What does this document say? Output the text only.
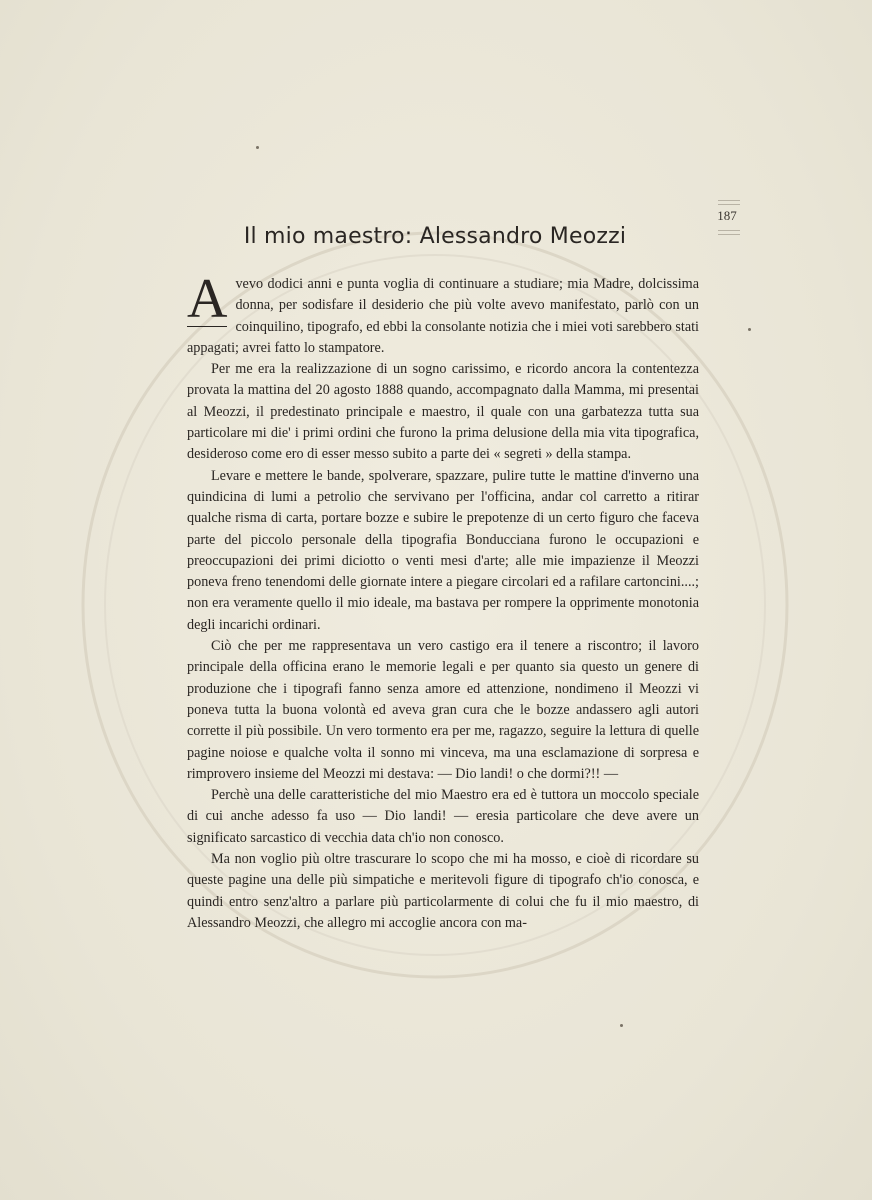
187
Il mio maestro: Alessandro Meozzi

A vevo dodici anni e punta voglia di continuare a studiare; mia Madre, dolcissima donna, per sodisfare il desiderio che più volte avevo manifestato, parlò con un coinquilino, tipografo, ed ebbi la consolante notizia che i miei voti sarebbero stati appagati; avrei fatto lo stampatore.

Per me era la realizzazione di un sogno carissimo, e ricordo ancora la contentezza provata la mattina del 20 agosto 1888 quando, accompagnato dalla Mamma, mi presentai al Meozzi, il predestinato principale e maestro, il quale con una garbatezza tutta sua particolare mi die' i primi ordini che furono la prima delusione della mia vita tipografica, desideroso come ero di esser messo subito a parte dei « segreti » della stampa.

Levare e mettere le bande, spolverare, spazzare, pulire tutte le mattine d'inverno una quindicina di lumi a petrolio che servivano per l'officina, andar col carretto a ritirar qualche risma di carta, portare bozze e subire le prepotenze di un certo figuro che faceva parte del piccolo personale della tipografia Bonducciana furono le occupazioni e preoccupazioni dei primi diciotto o venti mesi d'arte; alle mie impazienze il Meozzi poneva freno tenendomi delle giornate intere a piegare circolari ed a rafilare cartoncini....; non era veramente quello il mio ideale, ma bastava per rompere la opprimente monotonia degli incarichi ordinari.

Ciò che per me rappresentava un vero castigo era il tenere a riscontro; il lavoro principale della officina erano le memorie legali e per quanto sia questo un genere di produzione che i tipografi fanno senza amore ed attenzione, nondimeno il Meozzi vi poneva tutta la buona volontà ed aveva gran cura che le bozze andassero agli autori corrette il più possibile. Un vero tormento era per me, ragazzo, seguire la lettura di quelle pagine noiose e qualche volta il sonno mi vinceva, ma una esclamazione di sorpresa e rimprovero insieme del Meozzi mi destava: — Dio landi! o che dormi?!! —

Perchè una delle caratteristiche del mio Maestro era ed è tuttora un moccolo speciale di cui anche adesso fa uso — Dio landi! — eresia particolare che deve avere un significato sarcastico di vecchia data ch'io non conosco.

Ma non voglio più oltre trascurare lo scopo che mi ha mosso, e cioè di ricordare su queste pagine una delle più simpatiche e meritevoli figure di tipografo ch'io conosca, e quindi entro senz'altro a parlare più particolarmente di colui che fu il mio maestro, di Alessandro Meozzi, che allegro mi accoglie ancora con ma-
